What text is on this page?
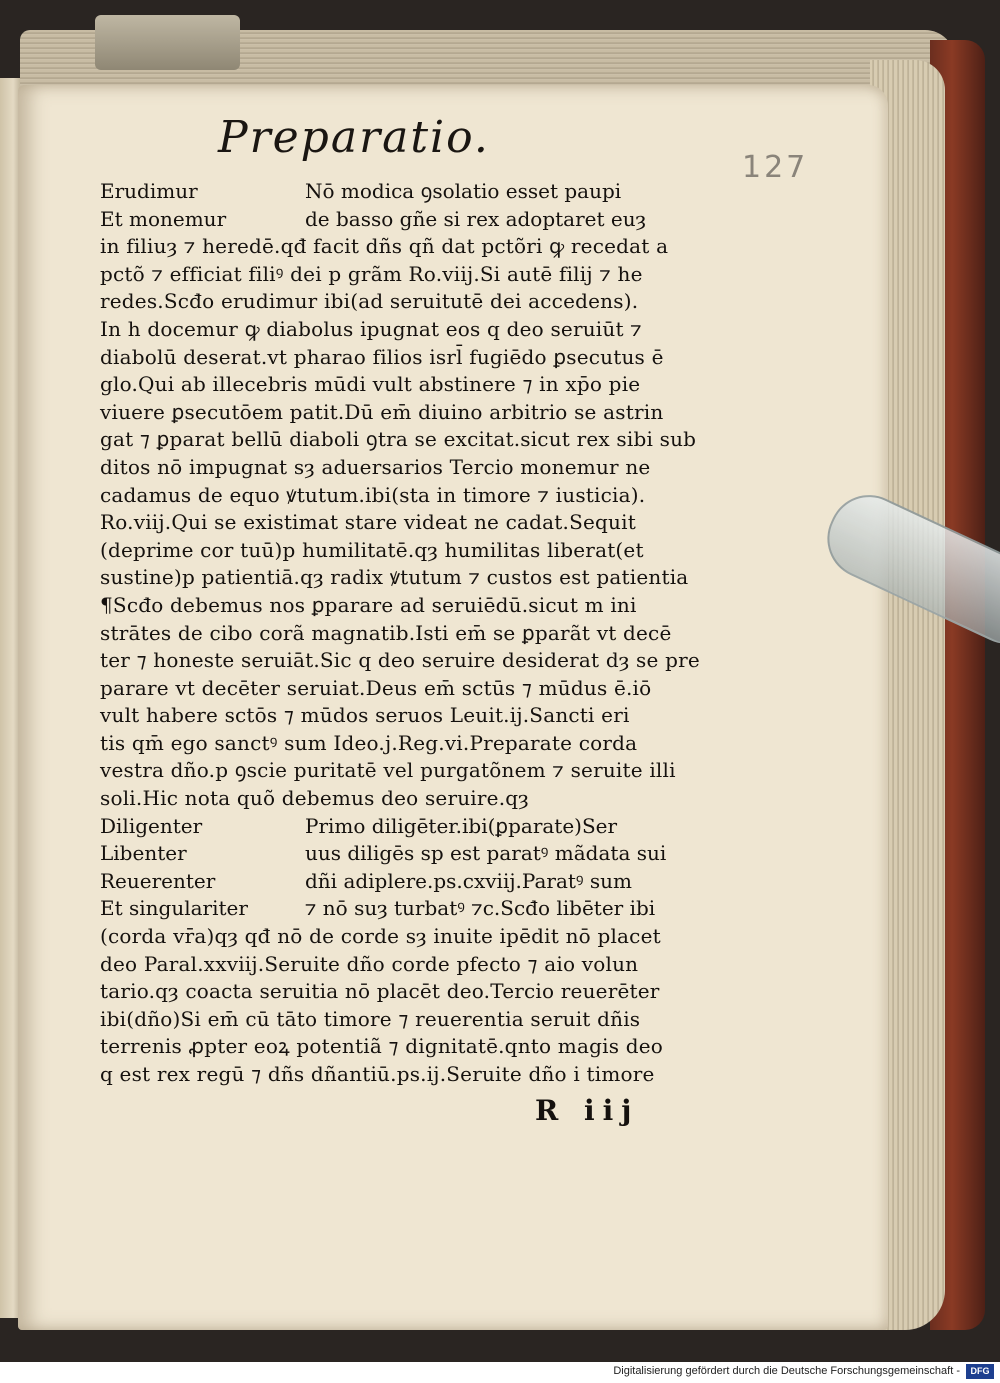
Preparatio.
127
Erudimur	Nō modica ꝯsolatio esset paupi
Et monemur	de basso gñe si rex adoptaret euȝ
in filiuȝ ⁊ heredē.qđ facit dñs qñ dat pctõri ꝙ recedat a
pctõ ⁊ efficiat filiꝰ dei p grãm Ro.viij.Si autē filij ⁊ he
redes.Scđo erudimur ibi(ad seruitutē dei accedens).
In h docemur ꝙ diabolus ipugnat eos q deo seruiūt ⁊
diabolū deserat.vt pharao filios isrl̄ fugiēdo ꝑsecutus ē
glo.Qui ab illecebris mūdi vult abstinere ⁊ in xp̄o pie
viuere ꝑsecutōem patit.Dū em̄ diuino arbitrio se astrin
gat ⁊ ꝑparat bellū diaboli ꝯtra se excitat.sicut rex sibi sub
ditos nō impugnat sȝ aduersarios Tercio monemur ne
cadamus de equo ꝟtutum.ibi(sta in timore ⁊ iusticia).
Ro.viij.Qui se existimat stare videat ne cadat.Sequit
(deprime cor tuū)p humilitatē.qȝ humilitas liberat(et
sustine)p patientiā.qȝ radix ꝟtutum ⁊ custos est patientia
¶Scđo debemus nos ꝑparare ad seruiēdū.sicut m ini
strātes de cibo corã magnatib.Isti em̄ se ꝑparãt vt decē
ter ⁊ honeste seruiāt.Sic q deo seruire desiderat dȝ se pre
parare vt decēter seruiat.Deus em̄ sctūs ⁊ mūdus ē.iō
vult habere sctōs ⁊ mūdos seruos Leuit.ij.Sancti eri
tis qm̄ ego sanctꝰ sum Ideo.j.Reg.vi.Preparate corda
vestra dño.p ꝯscie puritatē vel purgatõnem ⁊ seruite illi
soli.Hic nota quõ debemus deo seruire.qȝ
Diligenter	Primo diligēter.ibi(ꝑparate)Ser
Libenter	uus diligēs sp est paratꝰ mãdata sui
Reuerenter	dñi adiplere.ps.cxviij.Paratꝰ sum
Et singulariter	⁊ nō suȝ turbatꝰ ⁊c.Scđo libēter ibi
(corda vr̄a)qȝ qđ nō de corde sȝ inuite ipēdit nō placet
deo Paral.xxviij.Seruite dño corde pfecto ⁊ aio volun
tario.qȝ coacta seruitia nō placēt deo.Tercio reuerēter
ibi(dño)Si em̄ cū tāto timore ⁊ reuerentia seruit dñis
terrenis ꝓpter eoꝝ potentiã ⁊ dignitatē.qnto magis deo
q est rex regū ⁊ dñs dñantiū.ps.ij.Seruite dño i timore
R iij
Digitalisierung gefördert durch die Deutsche Forschungsgemeinschaft -	DFG
